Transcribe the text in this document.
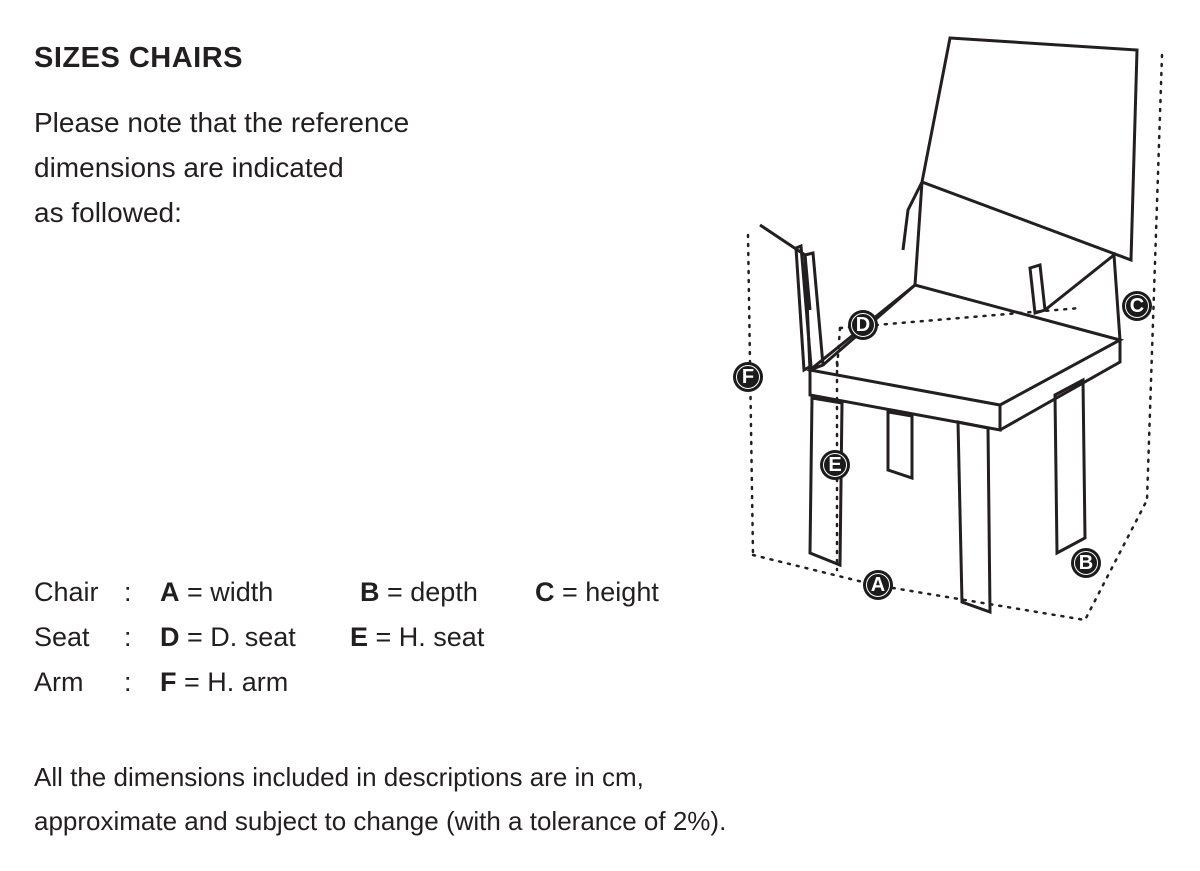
SIZES CHAIRS
Please note that the reference
dimensions are indicated
as followed:
A
B
C
D
E
F
Chair :	A = width	B = depth	C = height
Seat	:	D = D. seat	E = H. seat
Arm	:	F = H. arm
All the dimensions included in descriptions are in cm,
approximate and subject to change (with a tolerance of 2%).
